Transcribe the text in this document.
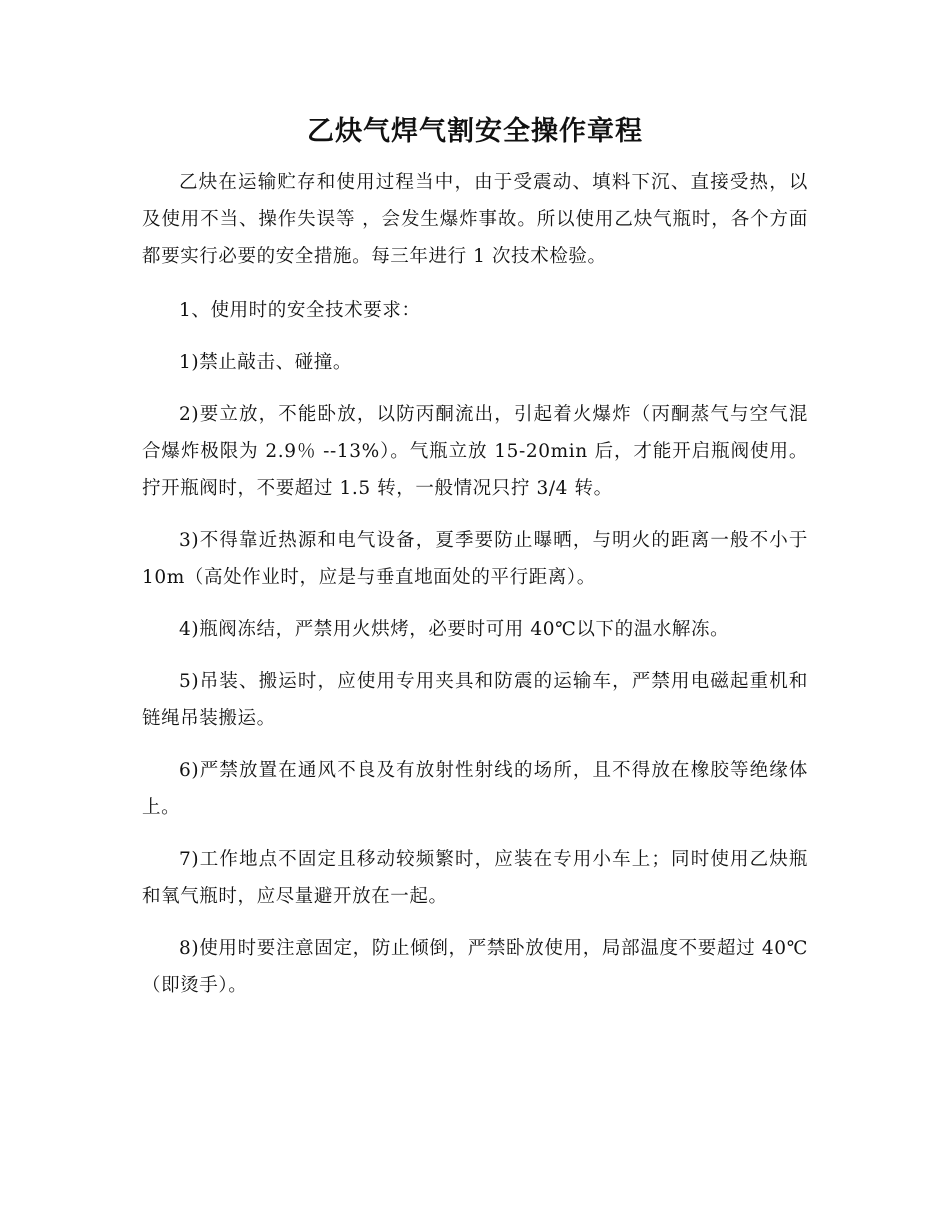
乙炔气焊气割安全操作章程

乙炔在运输贮存和使用过程当中，由于受震动、填料下沉、直接受热，以及使用不当、操作失误等 ，会发生爆炸事故。所以使用乙炔气瓶时，各个方面都要实行必要的安全措施。每三年进行 1 次技术检验。

1、使用时的安全技术要求：

1)禁止敲击、碰撞。

2)要立放，不能卧放，以防丙酮流出，引起着火爆炸（丙酮蒸气与空气混合爆炸极限为 2.9％ --13%）。气瓶立放 15-20min 后，才能开启瓶阀使用。拧开瓶阀时，不要超过 1.5 转，一般情况只拧 3/4 转。

3)不得靠近热源和电气设备，夏季要防止曝晒，与明火的距离一般不小于 10m（高处作业时，应是与垂直地面处的平行距离）。

4)瓶阀冻结，严禁用火烘烤，必要时可用 40℃以下的温水解冻。

5)吊装、搬运时，应使用专用夹具和防震的运输车，严禁用电磁起重机和链绳吊装搬运。

6)严禁放置在通风不良及有放射性射线的场所，且不得放在橡胶等绝缘体上。

7)工作地点不固定且移动较频繁时，应装在专用小车上；同时使用乙炔瓶和氧气瓶时，应尽量避开放在一起。

8)使用时要注意固定，防止倾倒，严禁卧放使用，局部温度不要超过 40℃（即烫手）。
